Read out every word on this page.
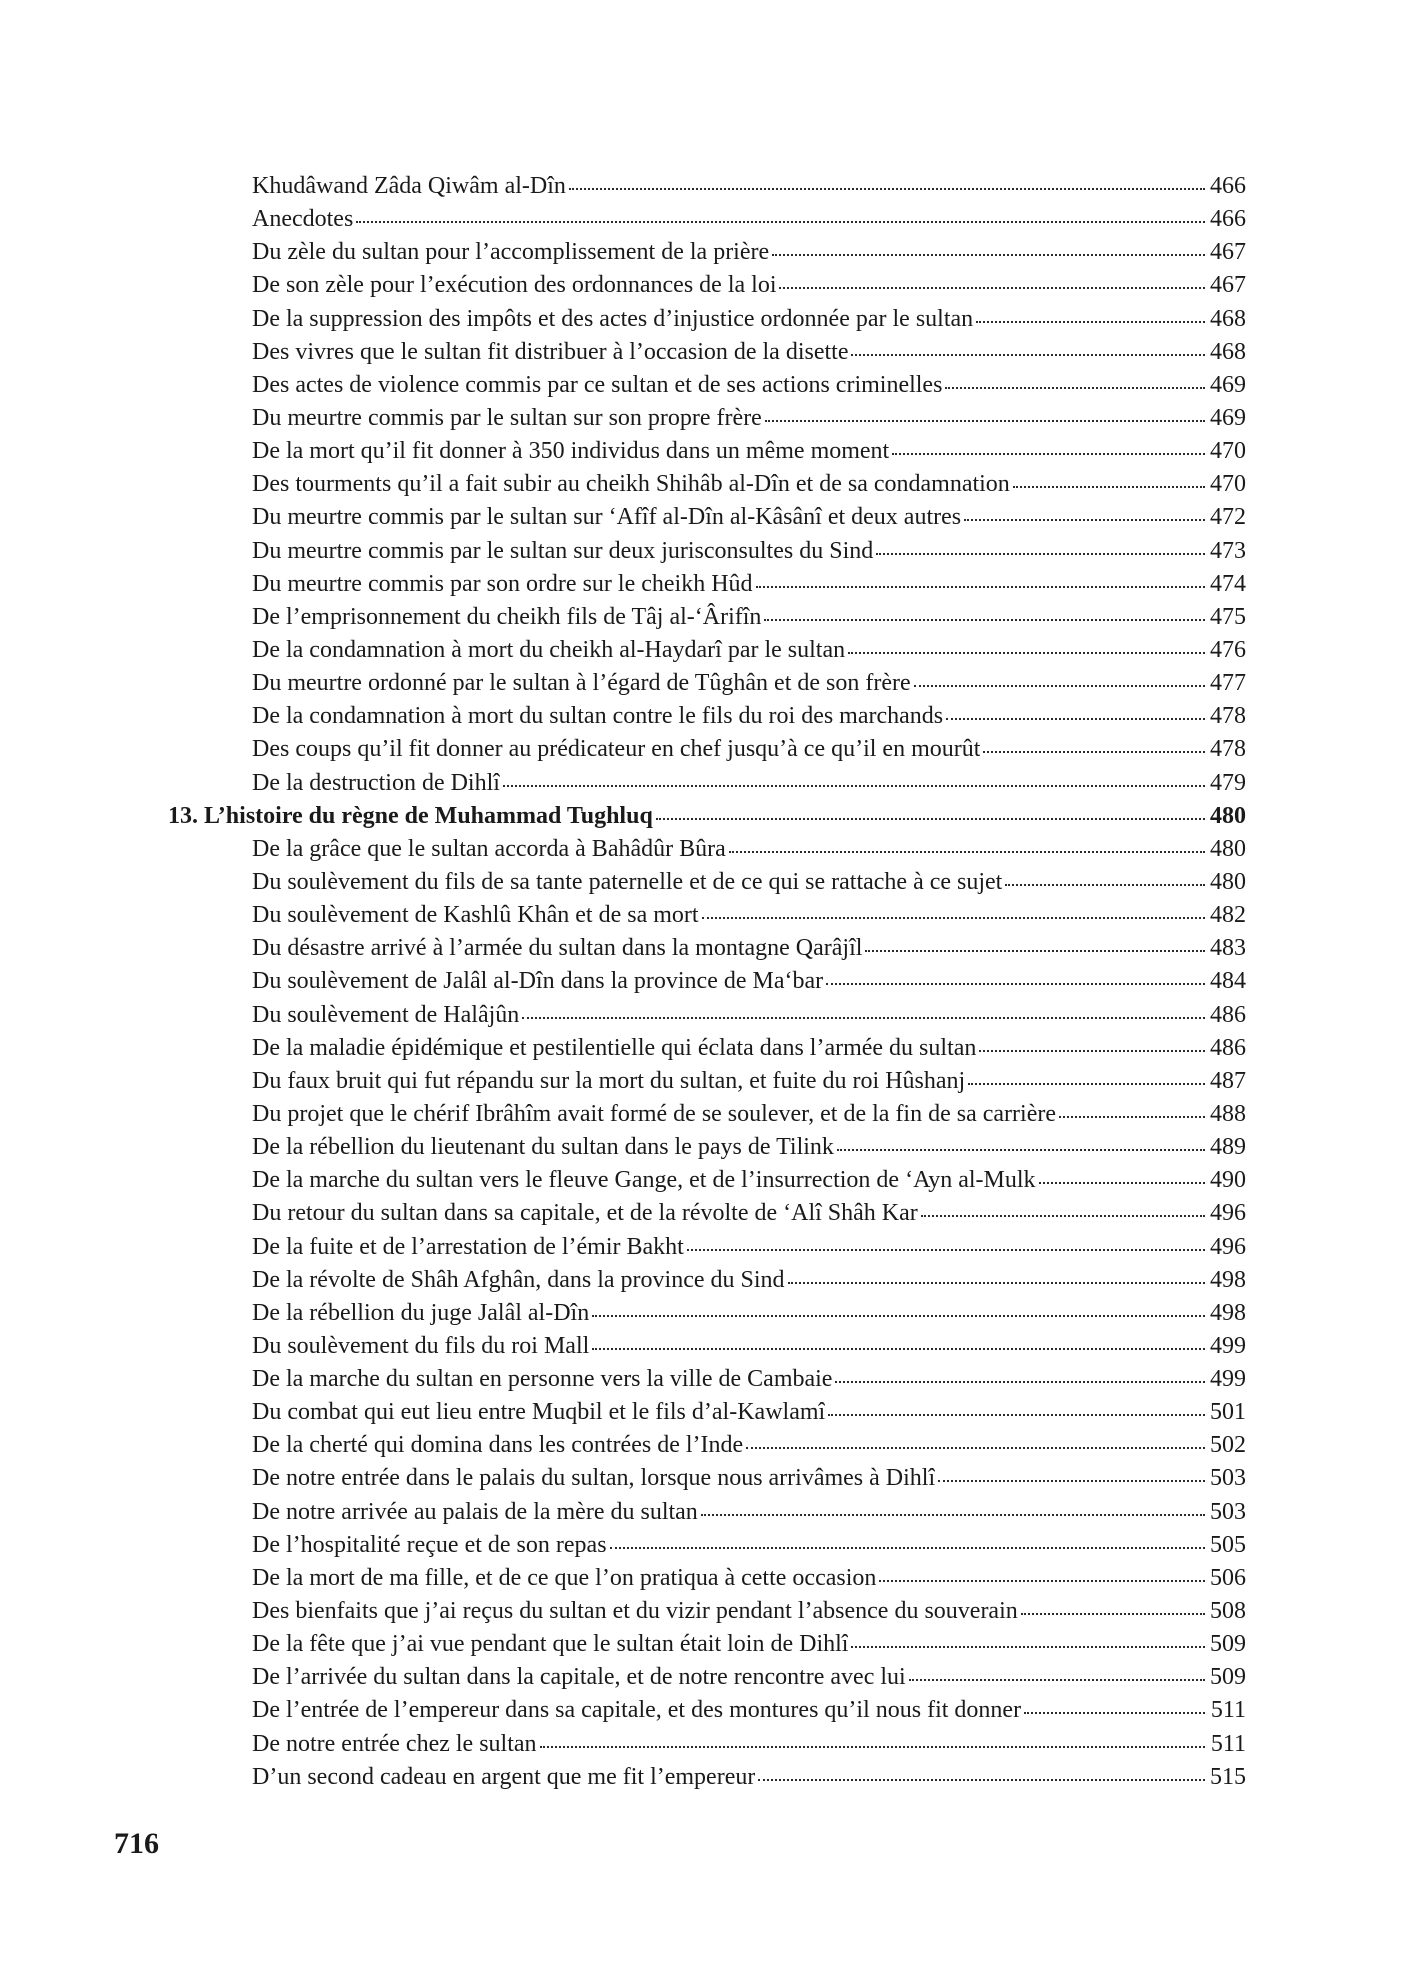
Khudâwand Zâda Qiwâm al-Dîn	466
Anecdotes	466
Du zèle du sultan pour l’accomplissement de la prière	467
De son zèle pour l’exécution des ordonnances de la loi	467
De la suppression des impôts et des actes d’injustice ordonnée par le sultan	468
Des vivres que le sultan fit distribuer à l’occasion de la disette	468
Des actes de violence commis par ce sultan et de ses actions criminelles	469
Du meurtre commis par le sultan sur son propre frère	469
De la mort qu’il fit donner à 350 individus dans un même moment	470
Des tourments qu’il a fait subir au cheikh Shihâb al-Dîn et de sa condamnation	470
Du meurtre commis par le sultan sur ‘Afîf al-Dîn al-Kâsânî et deux autres	472
Du meurtre commis par le sultan sur deux jurisconsultes du Sind	473
Du meurtre commis par son ordre sur le cheikh Hûd	474
De l’emprisonnement du cheikh fils de Tâj al-‘Ârifîn	475
De la condamnation à mort du cheikh al-Haydarî par le sultan	476
Du meurtre ordonné par le sultan à l’égard de Tûghân et de son frère	477
De la condamnation à mort du sultan contre le fils du roi des marchands	478
Des coups qu’il fit donner au prédicateur en chef jusqu’à ce qu’il en mourût	478
De la destruction de Dihlî	479
13. L’histoire du règne de Muhammad Tughluq	480
De la grâce que le sultan accorda à Bahâdûr Bûra	480
Du soulèvement du fils de sa tante paternelle et de ce qui se rattache à ce sujet	480
Du soulèvement de Kashlû Khân et de sa mort	482
Du désastre arrivé à l’armée du sultan dans la montagne Qarâjîl	483
Du soulèvement de Jalâl al-Dîn dans la province de Ma‘bar	484
Du soulèvement de Halâjûn	486
De la maladie épidémique et pestilentielle qui éclata dans l’armée du sultan	486
Du faux bruit qui fut répandu sur la mort du sultan, et fuite du roi Hûshanj	487
Du projet que le chérif Ibrâhîm avait formé de se soulever, et de la fin de sa carrière	488
De la rébellion du lieutenant du sultan dans le pays de Tilink	489
De la marche du sultan vers le fleuve Gange, et de l’insurrection de ‘Ayn al-Mulk	490
Du retour du sultan dans sa capitale, et de la révolte de ‘Alî Shâh Kar	496
De la fuite et de l’arrestation de l’émir Bakht	496
De la révolte de Shâh Afghân, dans la province du Sind	498
De la rébellion du juge Jalâl al-Dîn	498
Du soulèvement du fils du roi Mall	499
De la marche du sultan en personne vers la ville de Cambaie	499
Du combat qui eut lieu entre Muqbil et le fils d’al-Kawlamî	501
De la cherté qui domina dans les contrées de l’Inde	502
De notre entrée dans le palais du sultan, lorsque nous arrivâmes à Dihlî	503
De notre arrivée au palais de la mère du sultan	503
De l’hospitalité reçue et de son repas	505
De la mort de ma fille, et de ce que l’on pratiqua à cette occasion	506
Des bienfaits que j’ai reçus du sultan et du vizir pendant l’absence du souverain	508
De la fête que j’ai vue pendant que le sultan était loin de Dihlî	509
De l’arrivée du sultan dans la capitale, et de notre rencontre avec lui	509
De l’entrée de l’empereur dans sa capitale, et des montures qu’il nous fit donner	511
De notre entrée chez le sultan	511
D’un second cadeau en argent que me fit l’empereur	515

716
